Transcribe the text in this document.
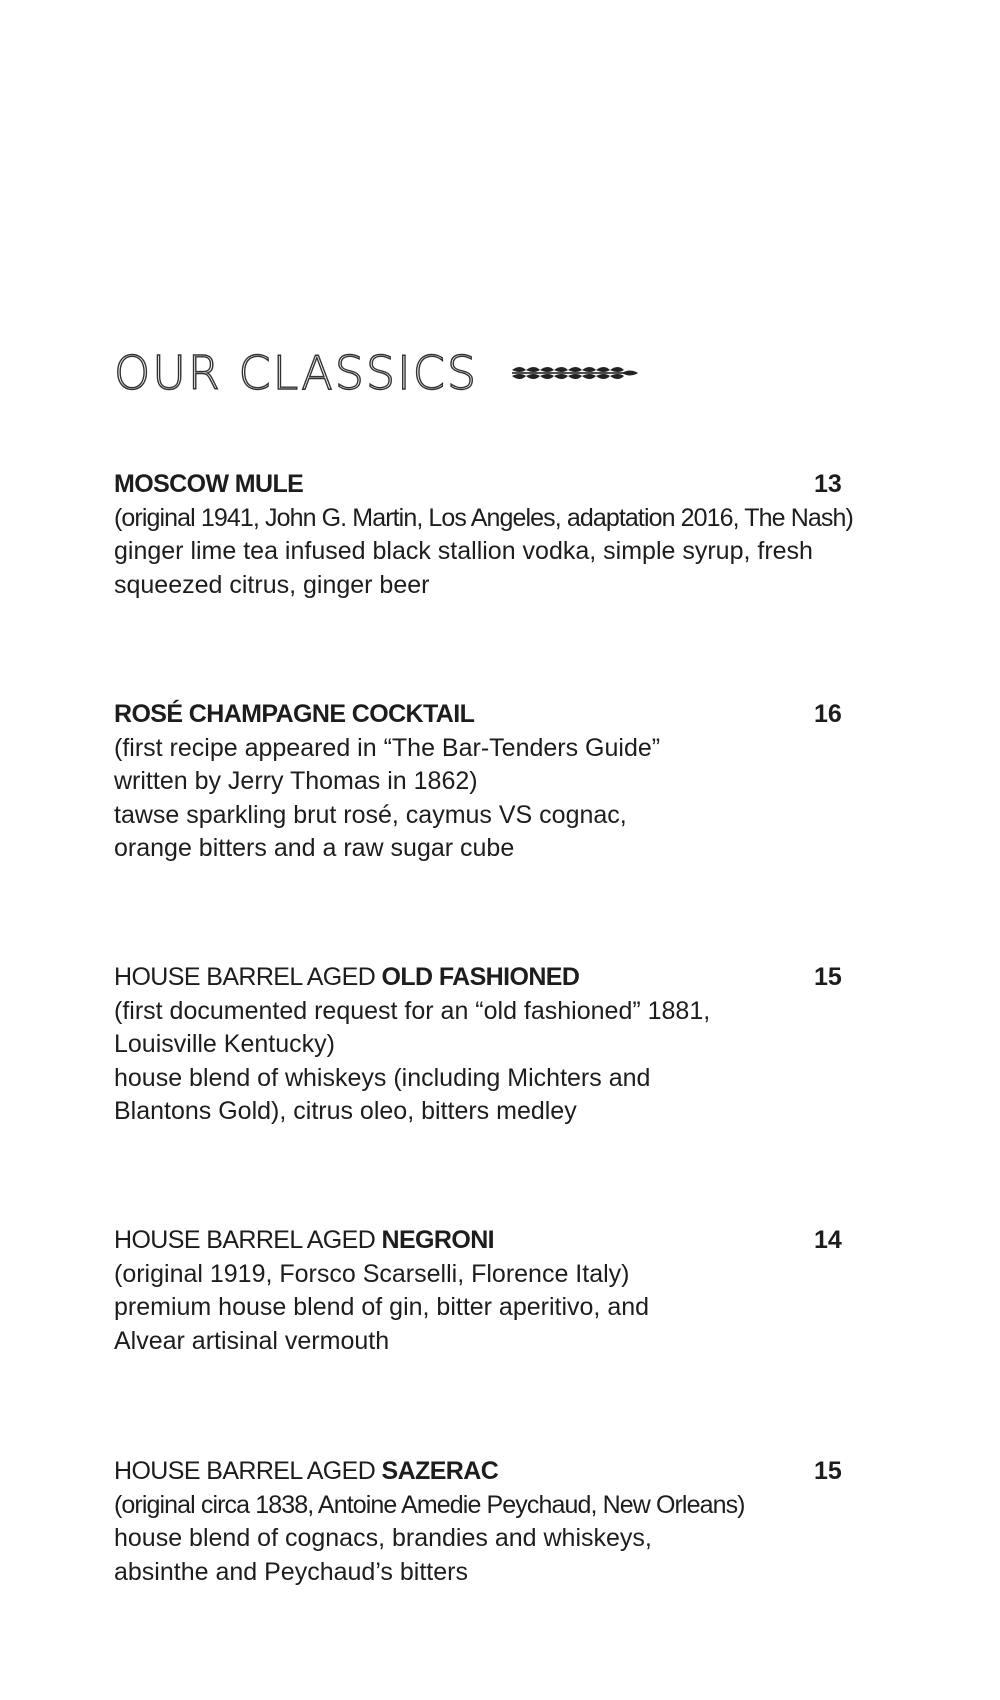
OUR CLASSICS
MOSCOW MULE	13
(original 1941, John G. Martin, Los Angeles, adaptation 2016, The Nash)
ginger lime tea infused black stallion vodka, simple syrup, fresh
squeezed citrus, ginger beer
ROSÉ CHAMPAGNE COCKTAIL	16
(first recipe appeared in “The Bar-Tenders Guide”
written by Jerry Thomas in 1862)
tawse sparkling brut rosé, caymus VS cognac,
orange bitters and a raw sugar cube
HOUSE BARREL AGED OLD FASHIONED	15
(first documented request for an “old fashioned” 1881,
Louisville Kentucky)
house blend of whiskeys (including Michters and
Blantons Gold), citrus oleo, bitters medley
HOUSE BARREL AGED NEGRONI	14
(original 1919, Forsco Scarselli, Florence Italy)
premium house blend of gin, bitter aperitivo, and
Alvear artisinal vermouth
HOUSE BARREL AGED SAZERAC	15
(original circa 1838, Antoine Amedie Peychaud, New Orleans)
house blend of cognacs, brandies and whiskeys,
absinthe and Peychaud’s bitters
